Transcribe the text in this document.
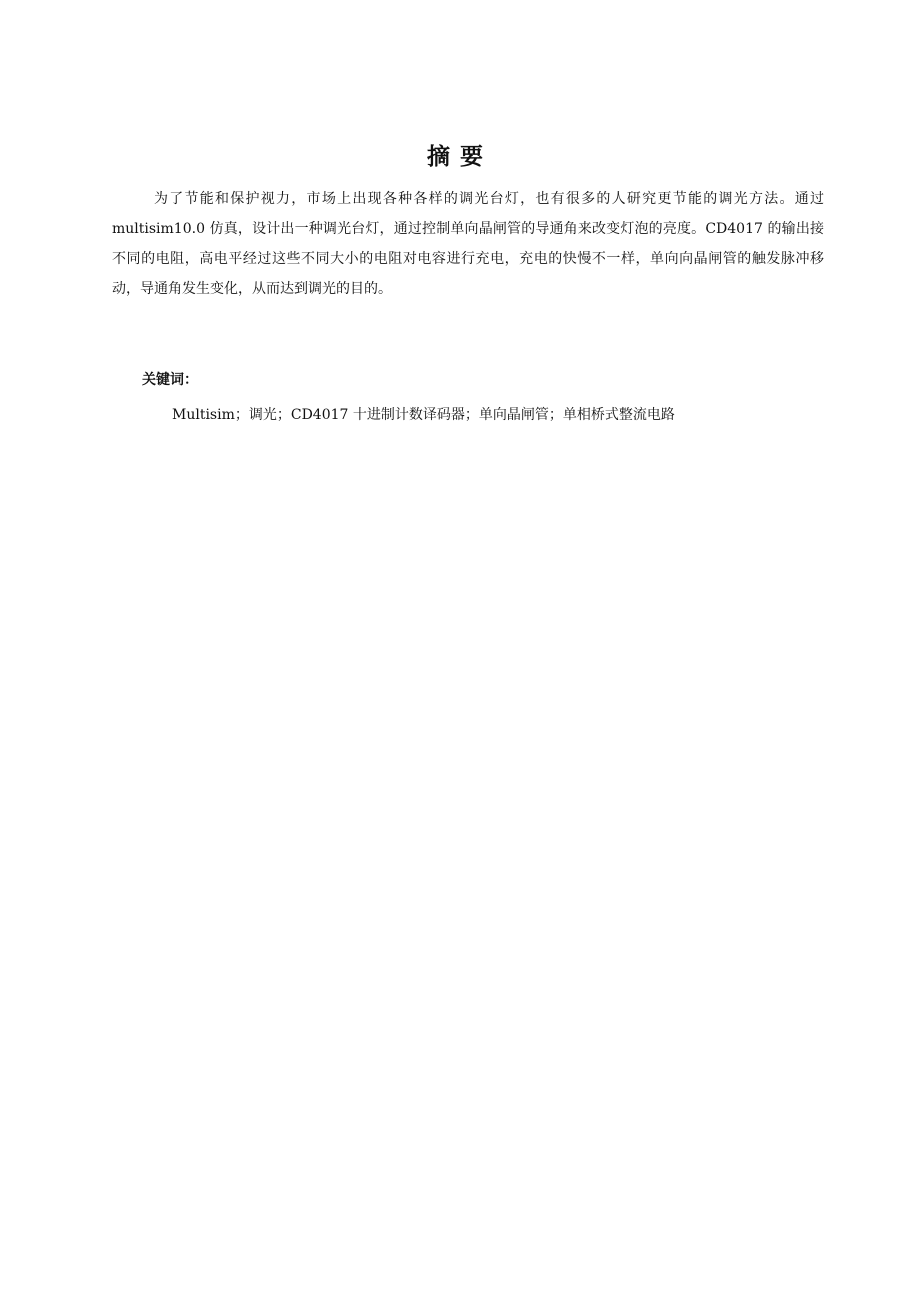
摘要

为了节能和保护视力，市场上出现各种各样的调光台灯，也有很多的人研究更节能的调光方法。通过 multisim10.0 仿真，设计出一种调光台灯，通过控制单向晶闸管的导通角来改变灯泡的亮度。CD4017 的输出接不同的电阻，高电平经过这些不同大小的电阻对电容进行充电，充电的快慢不一样，单向向晶闸管的触发脉冲移动，导通角发生变化，从而达到调光的目的。

关键词：
Multisim；调光；CD4017 十进制计数译码器；单向晶闸管；单相桥式整流电路
